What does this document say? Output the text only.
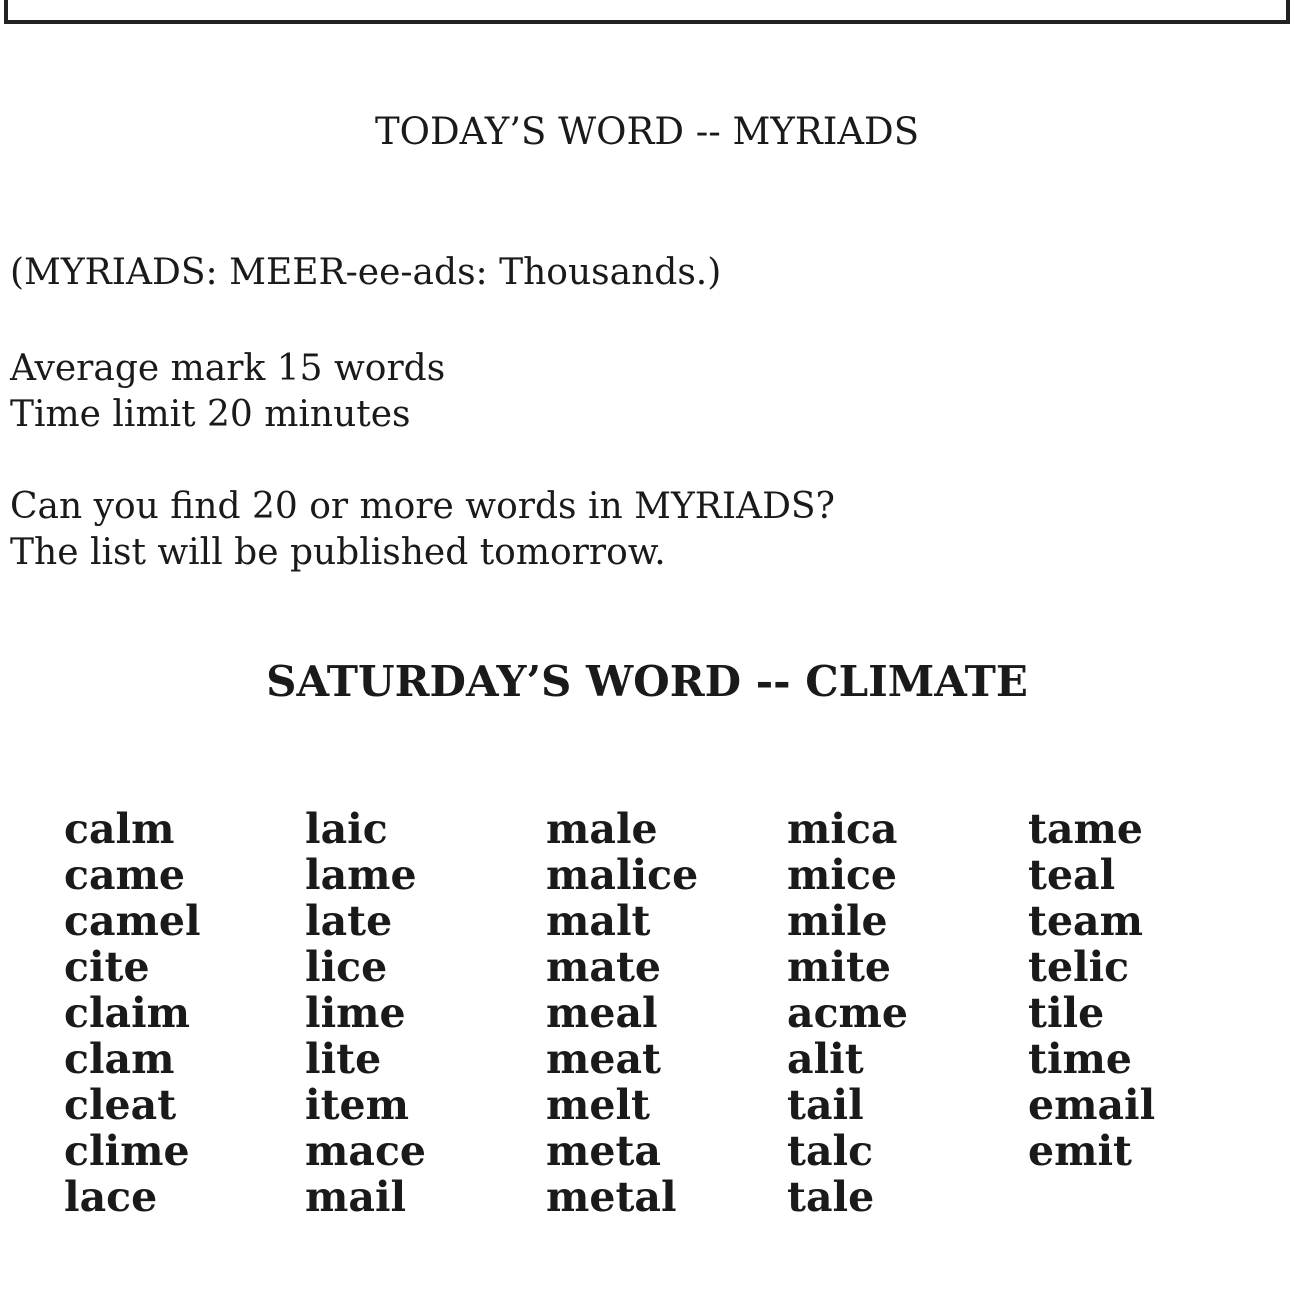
TODAY’S WORD -- MYRIADS

(MYRIADS: MEER-ee-ads: Thousands.)

Average mark 15 words
Time limit 20 minutes
Can you find 20 or more words in MYRIADS?
The list will be published tomorrow.
SATURDAY’S WORD -- CLIMATE
calm
came
camel
cite
claim
clam
cleat
clime
lace
laic
lame
late
lice
lime
lite
item
mace
mail
male
malice
malt
mate
meal
meat
melt
meta
metal
mica
mice
mile
mite
acme
alit
tail
talc
tale
tame
teal
team
telic
tile
time
email
emit
